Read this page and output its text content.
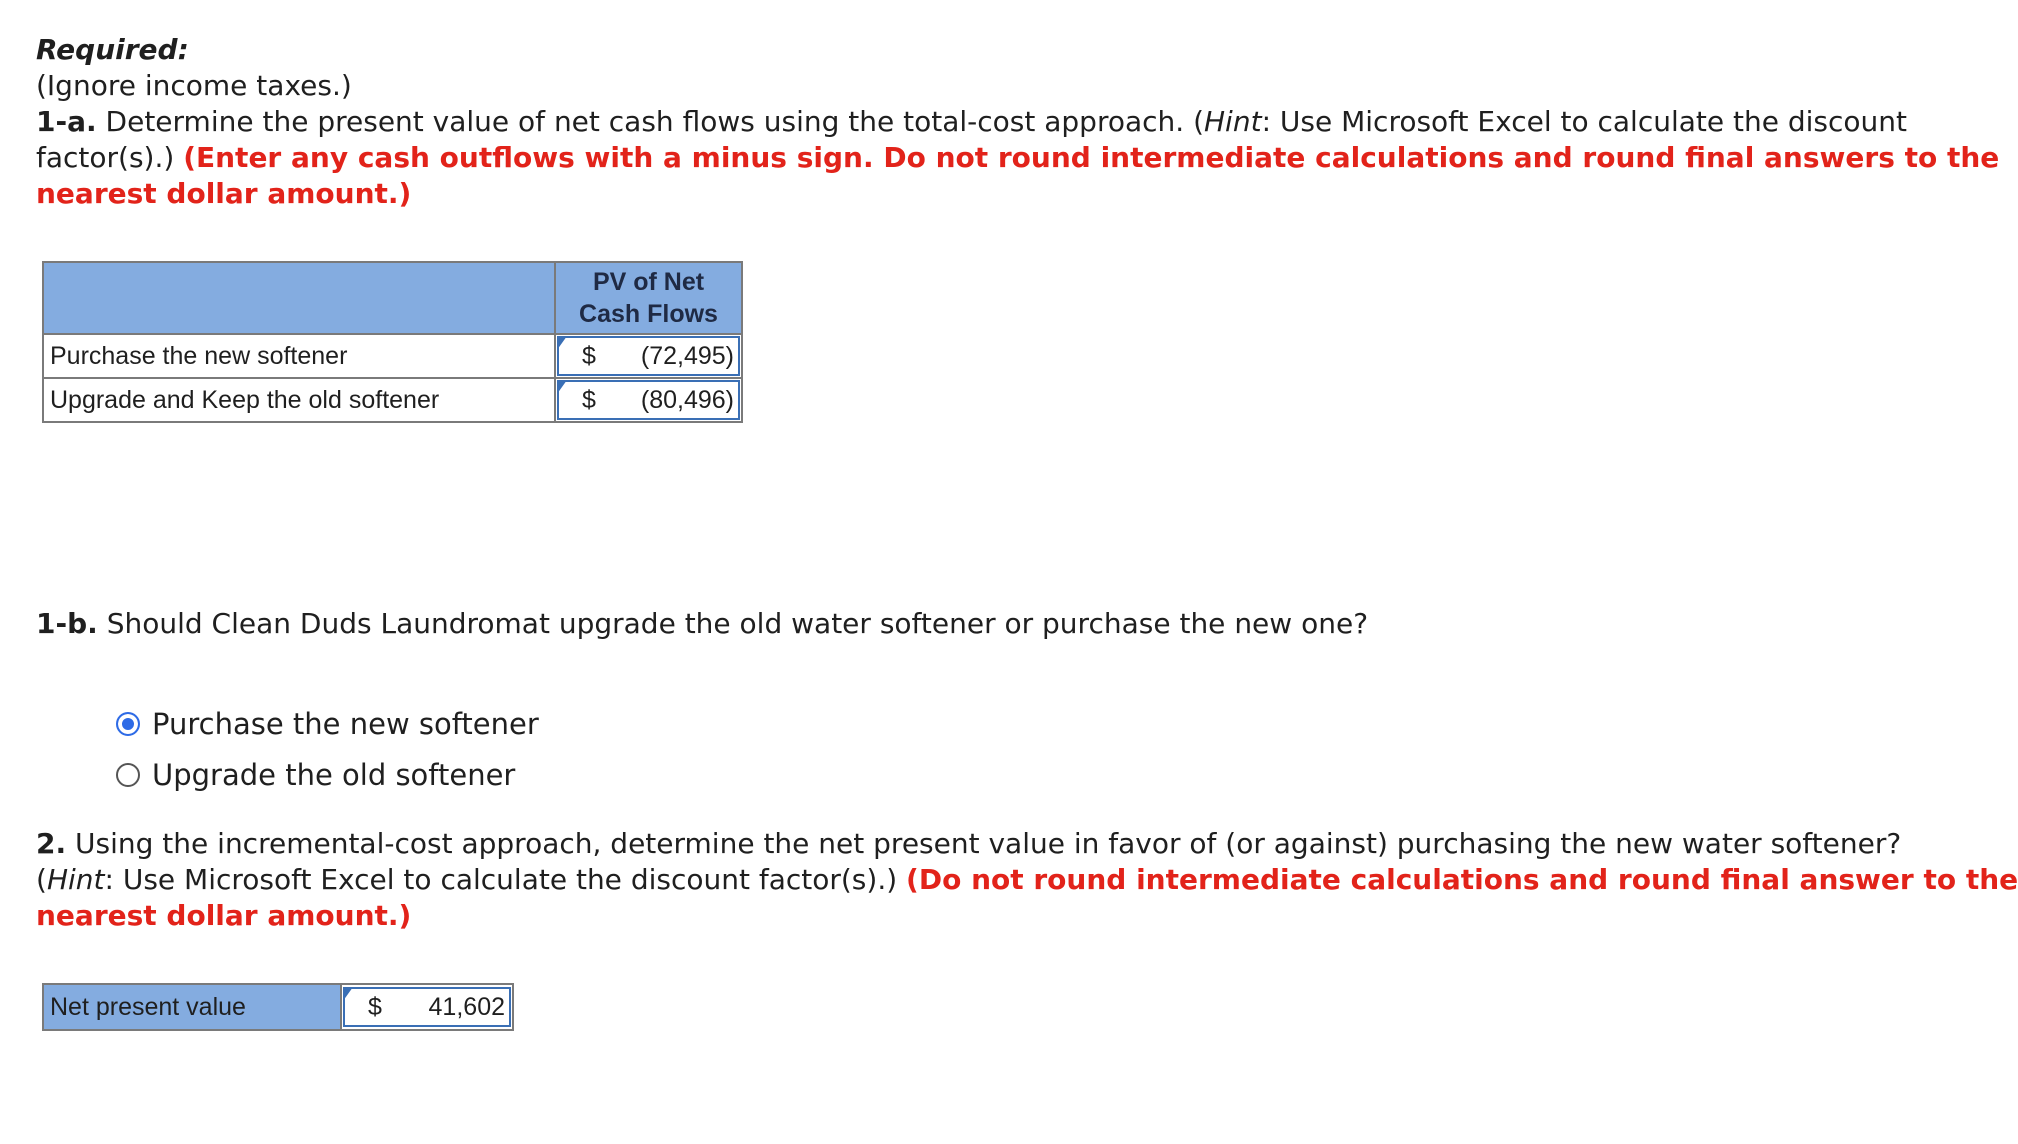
Required:
(Ignore income taxes.)
1-a. Determine the present value of net cash flows using the total-cost approach. (Hint: Use Microsoft Excel to calculate the discount
factor(s).) (Enter any cash outflows with a minus sign. Do not round intermediate calculations and round final answers to the
nearest dollar amount.)

	PV of Net
Cash Flows

Purchase the new softener	$ (72,495)

Upgrade and Keep the old softener	$ (80,496)
1-b. Should Clean Duds Laundromat upgrade the old water softener or purchase the new one?
Purchase the new softener
Upgrade the old softener
2. Using the incremental-cost approach, determine the net present value in favor of (or against) purchasing the new water softener?
(Hint: Use Microsoft Excel to calculate the discount factor(s).) (Do not round intermediate calculations and round final answer to the
nearest dollar amount.)
Net present value	$	41,602
